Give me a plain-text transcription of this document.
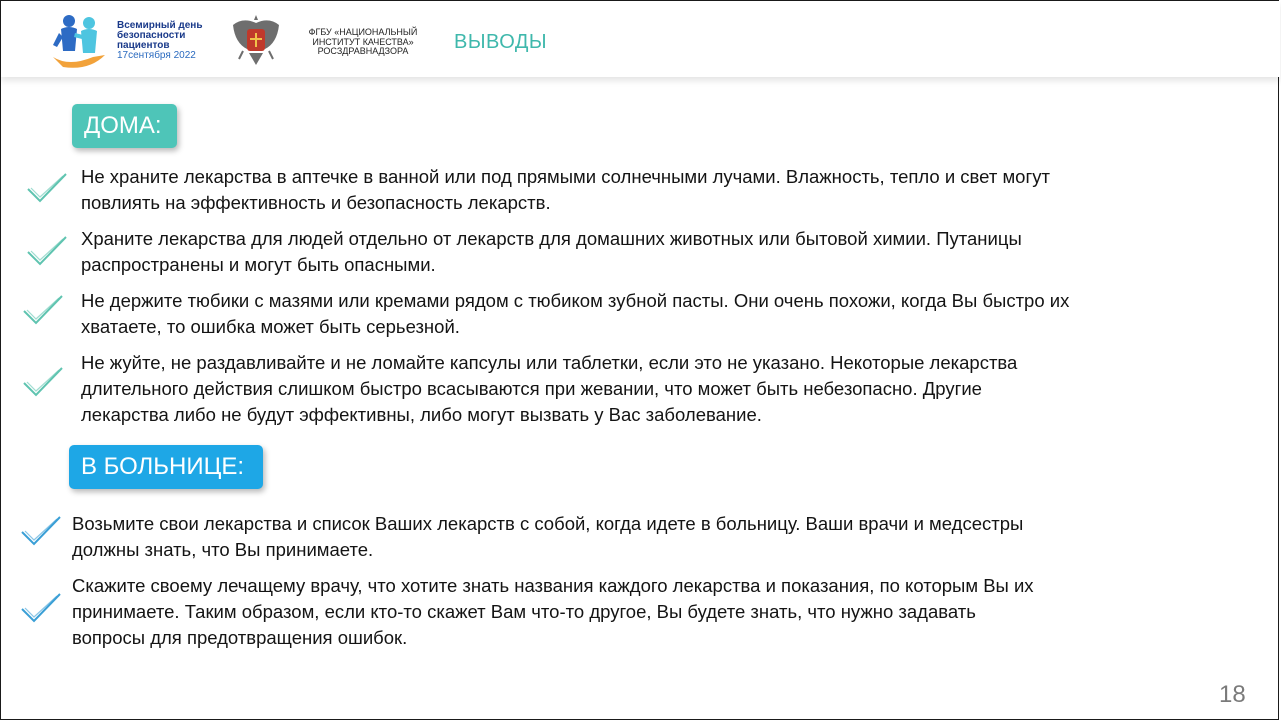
Всемирный день
безопасности
пациентов
17сентября 2022
ФГБУ «НАЦИОНАЛЬНЫЙ
ИНСТИТУТ КАЧЕСТВА»
РОСЗДРАВНАДЗОРА	ВЫВОДЫ
ДОМА:
Не храните лекарства в аптечке в ванной или под прямыми солнечными лучами. Влажность, тепло и свет могут
повлиять на эффективность и безопасность лекарств.
Храните лекарства для людей отдельно от лекарств для домашних животных или бытовой химии. Путаницы
распространены и могут быть опасными.
Не держите тюбики с мазями или кремами рядом с тюбиком зубной пасты. Они очень похожи, когда Вы быстро их
хватаете, то ошибка может быть серьезной.
Не жуйте, не раздавливайте и не ломайте капсулы или таблетки, если это не указано. Некоторые лекарства
длительного действия слишком быстро всасываются при жевании, что может быть небезопасно. Другие
лекарства либо не будут эффективны, либо могут вызвать у Вас заболевание.
В БОЛЬНИЦЕ:
Возьмите свои лекарства и список Ваших лекарств с собой, когда идете в больницу. Ваши врачи и медсестры
должны знать, что Вы принимаете.
Скажите своему лечащему врачу, что хотите знать названия каждого лекарства и показания, по которым Вы их
принимаете. Таким образом, если кто-то скажет Вам что-то другое, Вы будете знать, что нужно задавать
вопросы для предотвращения ошибок.
18
